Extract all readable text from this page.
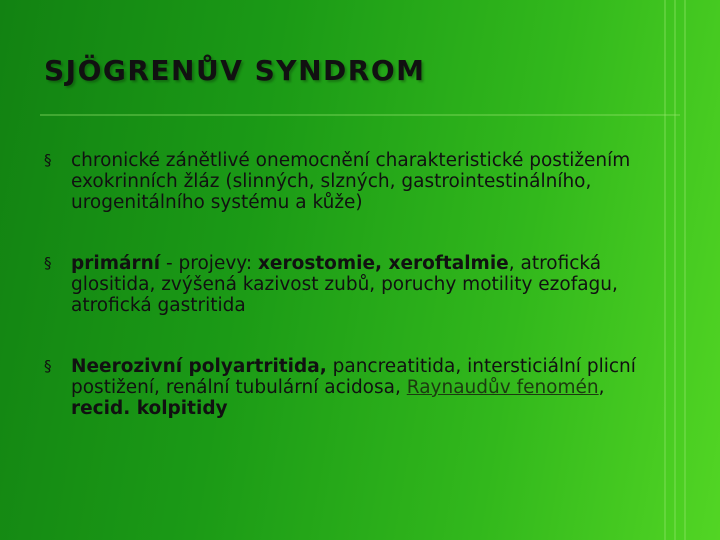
SJÖGRENŮV SYNDROM
§ chronické zánětlivé onemocnění charakteristické postižením exokrinních žláz (slinných, slzných, gastrointestinálního, urogenitálního systému a kůže)
§ primární - projevy: xerostomie, xeroftalmie, atrofická glositida, zvýšená kazivost zubů, poruchy motility ezofagu, atrofická gastritida
§ Neerozivní polyartritida, pancreatitida, intersticiální plicní postižení, renální tubulární acidosa, Raynaudův fenomén, recid. kolpitidy
